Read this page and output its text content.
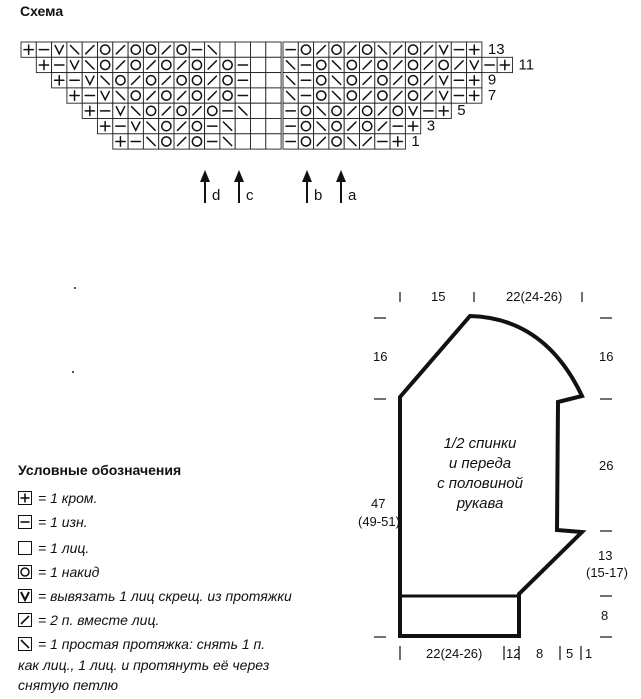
Схема
13
11
9
7
5
3
1
d c	b a
Условные обозначения
= 1 кром.
= 1 изн.
= 1 лиц.
= 1 накид
= вывязать 1 лиц скрещ. из протяжки
= 2 п. вместе лиц.
= 1 простая протяжка: снять 1 п.
как лиц., 1 лиц. и протянуть её через
снятую петлю
15	22(24-26)
16
47
(49-51)
16
26
13
(15-17)
8
22(24-26) 12 8 5 1
1/2 спинки
и переда
с половиной
рукава
